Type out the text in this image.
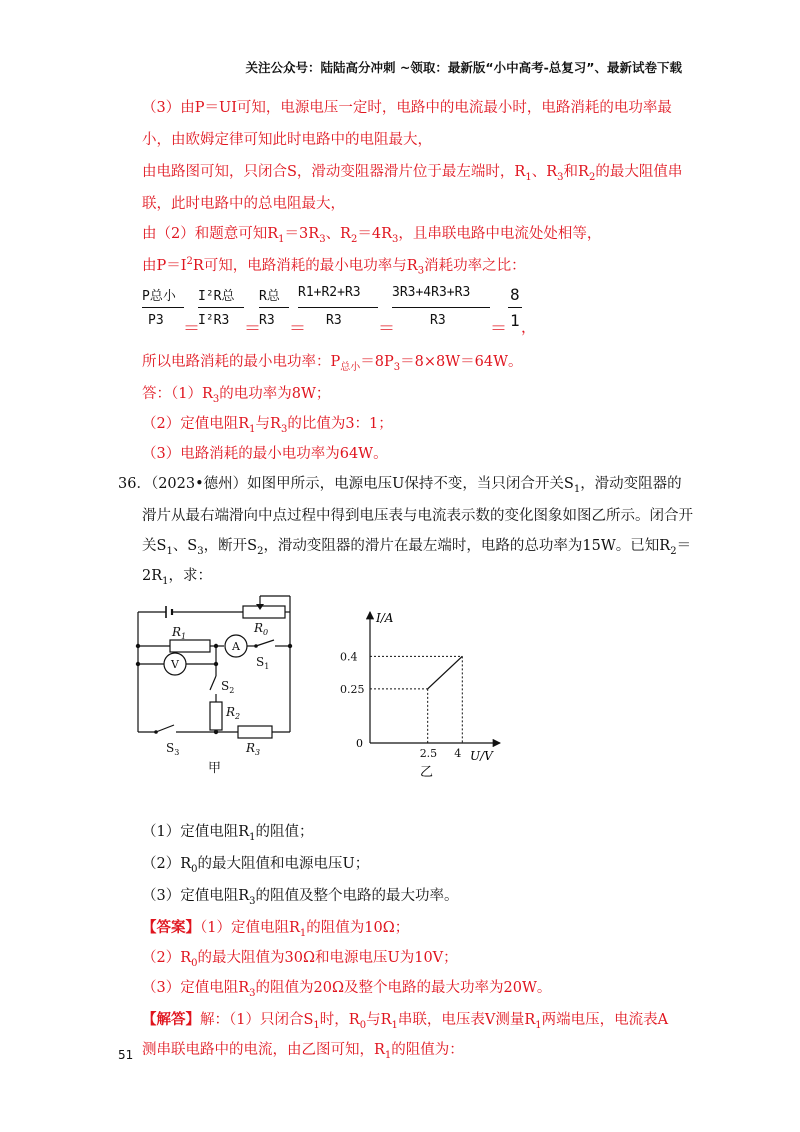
关注公众号：陆陆高分冲刺 ~领取：最新版“小中高考-总复习”、最新试卷下载
（3）由P＝UI可知，电源电压一定时，电路中的电流最小时，电路消耗的电功率最
小，由欧姆定律可知此时电路中的电阻最大，
由电路图可知，只闭合S，滑动变阻器滑片位于最左端时，$R_1$、$R_3$和$R_2$的最大阻值串
联，此时电路中的总电阻最大，
由（2）和题意可知$R_1=3R_3$、$R_2=4R_3$，且串联电路中电流处处相等，
由$P=I^2R$可知，电路消耗的最小电功率与$R_3$消耗功率之比：
P总小
P3 ＝
I²R总
I²R3 ＝
R总
R3 ＝
R1+R2+R3
R3 ＝
3R3+4R3+R3
R3	＝
8
1 ，
所以电路消耗的最小电功率：$P_{总小}=8P_3=8\times 8W=64W$。
答：$(1)R_3$的电功率为8W；
（2）定值电阻$R_1$与$R_3$的比值为3：1；
（3）电路消耗的最小电功率为64W。
36．（2023•德州）如图甲所示，电源电压U保持不变，当只闭合开关$S_1$，滑动变阻器的
滑片从最右端滑向中点过程中得到电压表与电流表示数的变化图象如图乙所示。闭合开
关$S_1$、$S_3$，断开$S_2$，滑动变阻器的滑片在最左端时，电路的总功率为15W。已知$R_2=$
$2R_1$，求：
$R_0$
$R_1$
$R_2$
$R_3$
$S_1$
$S_2$
$S_3$
A
V
甲
2.5
0.25
4
0.4
I/A
U/V
0
乙
（1）定值电阻$R_1$的阻值；
$(2)R_0$的最大阻值和电源电压U；
（3）定值电阻$R_3$的阻值及整个电路的最大功率。
【答案】（1）定值电阻$R_1$的阻值为10Ω；
$(2)R_0$的最大阻值为30Ω和电源电压U为10V；
（3）定值电阻$R_3$的阻值为20Ω及整个电路的最大功率为20W。
【解答】解：（1）只闭合$S_1$时，$R_0$与$R_1$串联，电压表V测量$R_1$两端电压，电流表A
测串联电路中的电流，由乙图可知，$R_1$的阻值为：
51
